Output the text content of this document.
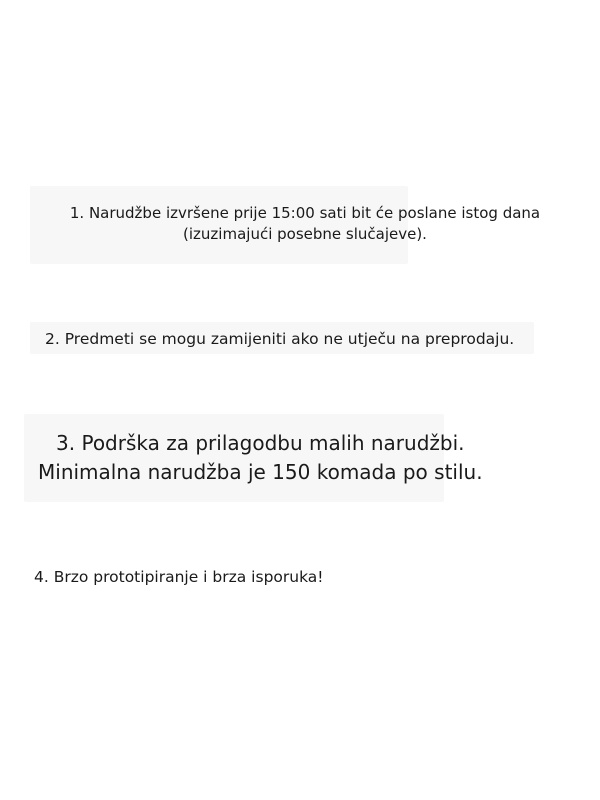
1. Narudžbe izvršene prije 15:00 sati bit će poslane istog dana
(izuzimajući posebne slučajeve).
2. Predmeti se mogu zamijeniti ako ne utječu na preprodaju.
3. Podrška za prilagodbu malih narudžbi.
Minimalna narudžba je 150 komada po stilu.
4. Brzo prototipiranje i brza isporuka!
